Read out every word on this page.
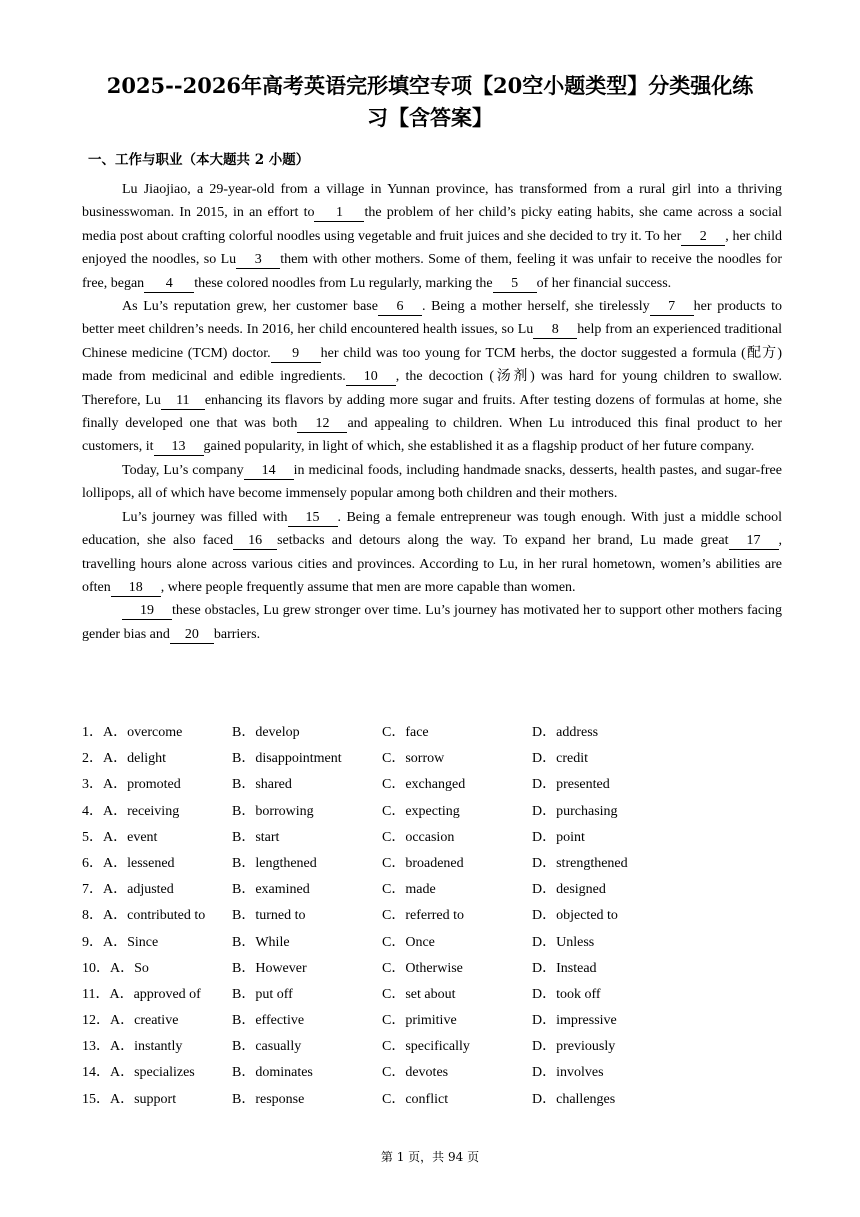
2025--2026年高考英语完形填空专项【20空小题类型】分类强化练
习【含答案】
一、工作与职业（本大题共 2 小题）

Lu Jiaojiao, a 29-year-old from a village in Yunnan province, has transformed from a rural girl into a thriving businesswoman. In 2015, in an effort to 1 the problem of her child’s picky eating habits, she came across a social media post about crafting colorful noodles using vegetable and fruit juices and she decided to try it. To her 2 , her child enjoyed the noodles, so Lu 3 them with other mothers. Some of them, feeling it was unfair to receive the noodles for free, began 4 these colored noodles from Lu regularly, marking the 5 of her financial success.

As Lu’s reputation grew, her customer base 6 . Being a mother herself, she tirelessly 7 her products to better meet children’s needs. In 2016, her child encountered health issues, so Lu 8 help from an experienced traditional Chinese medicine (TCM) doctor. 9 her child was too young for TCM herbs, the doctor suggested a formula (配方) made from medicinal and edible ingredients. 10 , the decoction (汤剂) was hard for young children to swallow. Therefore, Lu 11 enhancing its flavors by adding more sugar and fruits. After testing dozens of formulas at home, she finally developed one that was both 12 and appealing to children. When Lu introduced this final product to her customers, it 13 gained popularity, in light of which, she established it as a flagship product of her future company.

Today, Lu’s company 14 in medicinal foods, including handmade snacks, desserts, health pastes, and sugar-free lollipops, all of which have become immensely popular among both children and their mothers.

Lu’s journey was filled with 15 . Being a female entrepreneur was tough enough. With just a middle school education, she also faced 16 setbacks and detours along the way. To expand her brand, Lu made great 17 , travelling hours alone across various cities and provinces. According to Lu, in her rural hometown, women’s abilities are often 18 , where people frequently assume that men are more capable than women.

19 these obstacles, Lu grew stronger over time. Lu’s journey has motivated her to support other mothers facing gender bias and 20 barriers.

1．A．overcome	B．develop	C．face	D．address
2．A．delight	B．disappointment	C．sorrow	D．credit
3．A．promoted	B．shared	C．exchanged	D．presented
4．A．receiving	B．borrowing	C．expecting	D．purchasing
5．A．event	B．start	C．occasion	D．point
6．A．lessened	B．lengthened	C．broadened	D．strengthened
7．A．adjusted	B．examined	C．made	D．designed
8．A．contributed to B．turned to	C．referred to	D．objected to
9．A．Since	B．While	C．Once	D．Unless
10．A．So	B．However	C．Otherwise	D．Instead
11．A．approved of B．put off	C．set about	D．took off
12．A．creative	B．effective	C．primitive	D．impressive
13．A．instantly	B．casually	C．specifically	D．previously
14．A．specializes	B．dominates	C．devotes	D．involves
15．A．support	B．response	C．conflict	D．challenges
第 1 页，共 94 页
